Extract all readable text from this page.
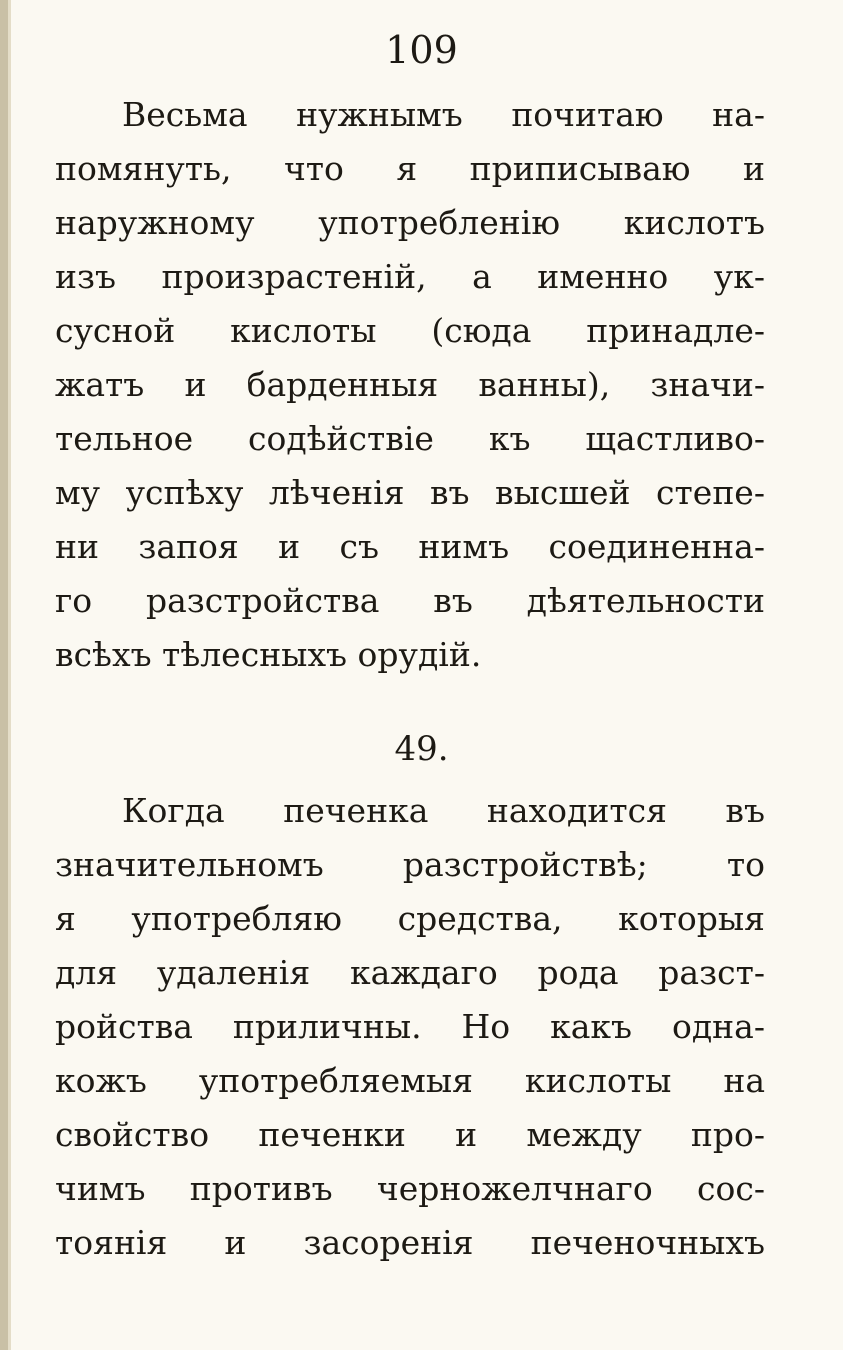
109
Весьма нужнымъ почитаю на-
помянуть, что я приписываю и
наружному употребленію кислотъ
изъ произрастеній, а именно ук-
сусной кислоты (сюда принадле-
жатъ и барденныя ванны), значи-
тельное содѣйствіе къ щастливо-
му успѣху лѣченія въ высшей степе-
ни запоя и съ нимъ соединенна-
го разстройства въ дѣятельности
всѣхъ тѣлесныхъ орудій.
49.
Когда печенка находится въ
значительномъ разстройствѣ; то
я употребляю средства, которыя
для удаленія каждаго рода разст-
ройства приличны. Но какъ одна-
кожъ употребляемыя кислоты на
свойство печенки и между про-
чимъ противъ черножелчнаго сос-
тоянія и засоренія печеночныхъ
